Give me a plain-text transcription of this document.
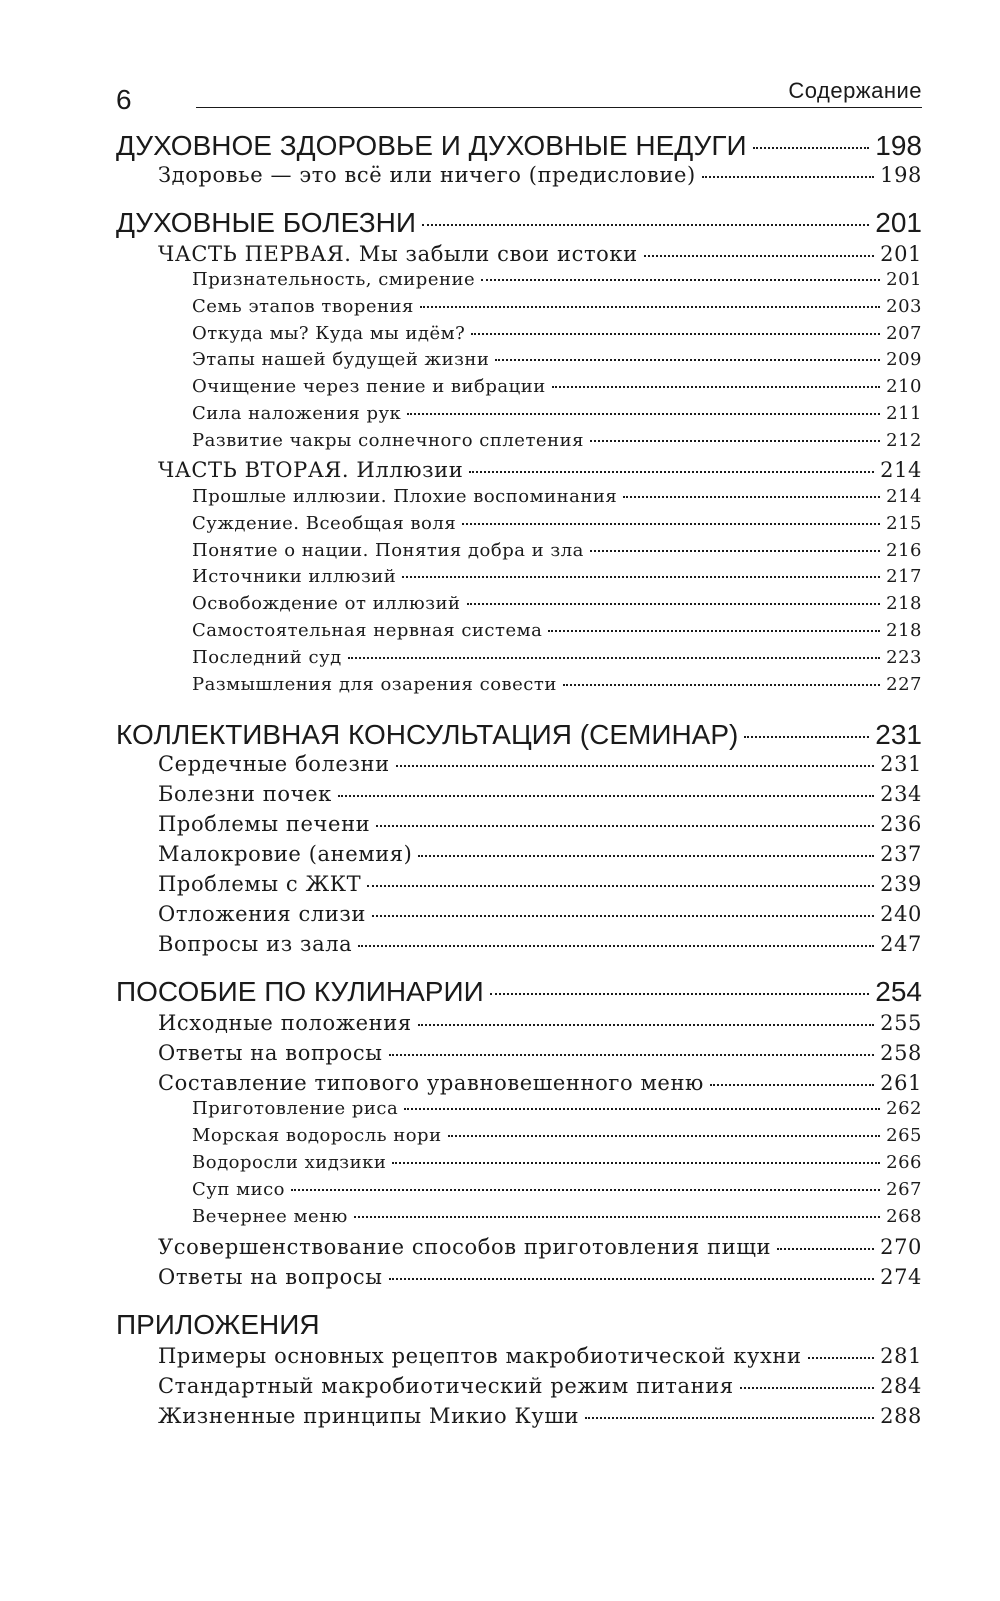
6	Содержание
ДУХОВНОЕ ЗДОРОВЬЕ И ДУХОВНЫЕ НЕДУГИ	198
Здоровье — это всё или ничего (предисловие)	198
ДУХОВНЫЕ БОЛЕЗНИ	201
ЧАСТЬ ПЕРВАЯ. Мы забыли свои истоки	201
Признательность, смирение	201
Семь этапов творения	203
Откуда мы? Куда мы идём?	207
Этапы нашей будущей жизни	209
Очищение через пение и вибрации	210
Сила наложения рук	211
Развитие чакры солнечного сплетения	212
ЧАСТЬ ВТОРАЯ. Иллюзии	214
Прошлые иллюзии. Плохие воспоминания	214
Суждение. Всеобщая воля	215
Понятие о нации. Понятия добра и зла	216
Источники иллюзий	217
Освобождение от иллюзий	218
Самостоятельная нервная система	218
Последний суд	223
Размышления для озарения совести	227
КОЛЛЕКТИВНАЯ КОНСУЛЬТАЦИЯ (СЕМИНАР)	231
Сердечные болезни	231
Болезни почек	234
Проблемы печени	236
Малокровие (анемия)	237
Проблемы с ЖКТ	239
Отложения слизи	240
Вопросы из зала	247
ПОСОБИЕ ПО КУЛИНАРИИ	254
Исходные положения	255
Ответы на вопросы	258
Составление типового уравновешенного меню	261
Приготовление риса	262
Морская водоросль нори	265
Водоросли хидзики	266
Суп мисо	267
Вечернее меню	268
Усовершенствование способов приготовления пищи	270
Ответы на вопросы	274
ПРИЛОЖЕНИЯ
Примеры основных рецептов макробиотической кухни	281
Стандартный макробиотический режим питания	284
Жизненные принципы Микио Куши	288
